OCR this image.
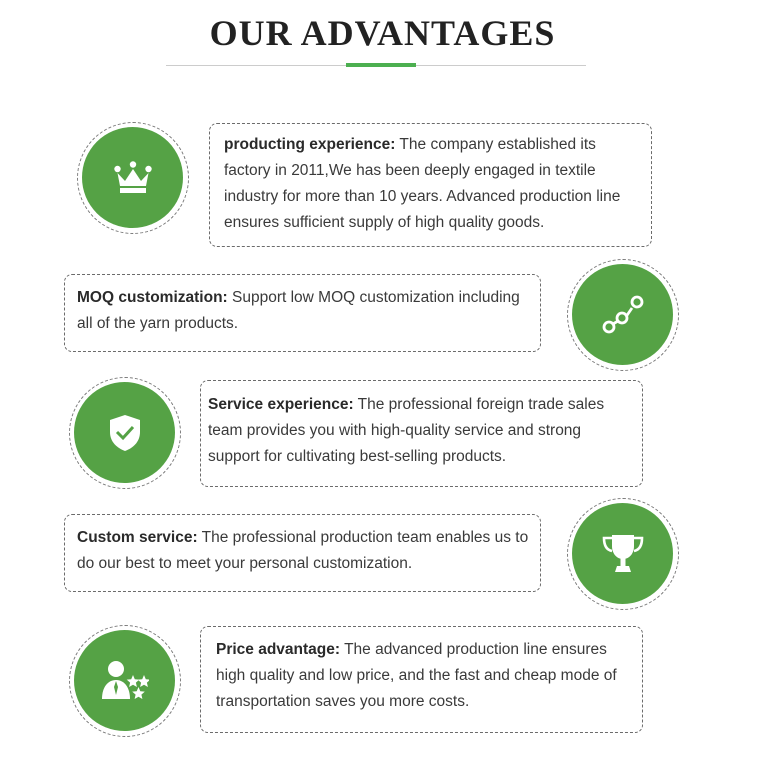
OUR ADVANTAGES
producting experience: The company established its factory in 2011,We has been deeply engaged in textile industry for more than 10 years. Advanced production line ensures sufficient supply of high quality goods.
MOQ customization: Support low MOQ customization including all of the yarn products.
Service experience: The professional foreign trade sales team provides you with high-quality service and strong support for cultivating best-selling products.
Custom service: The professional production team enables us to do our best to meet your personal customization.
Price advantage: The advanced production line ensures high quality and low price, and the fast and cheap mode of transportation saves you more costs.
